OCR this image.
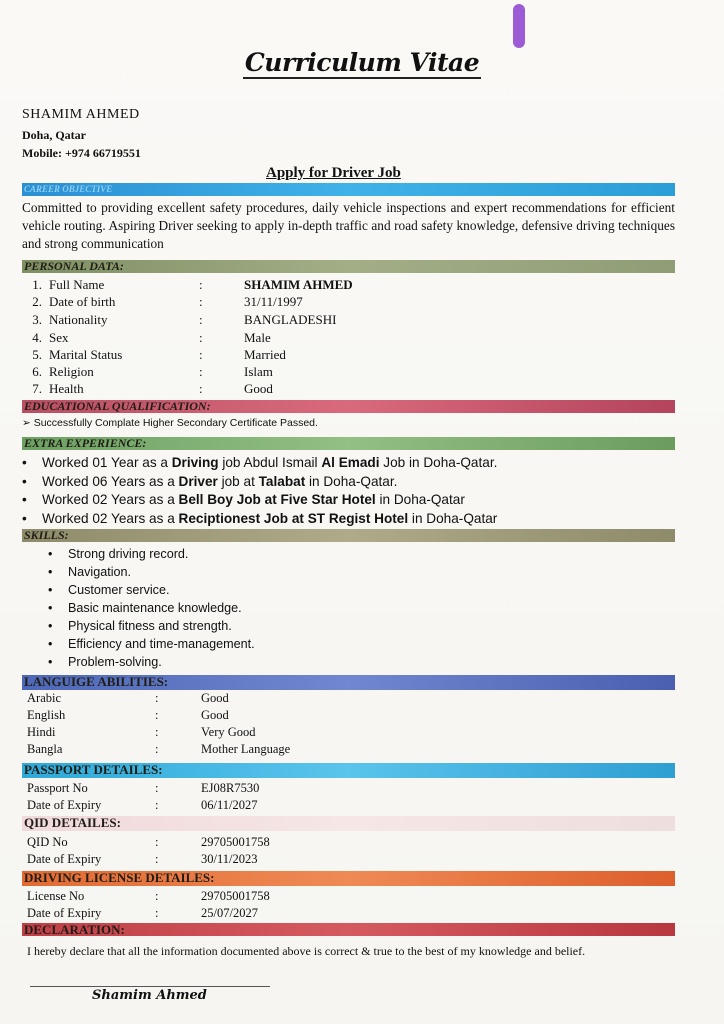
Curriculum Vitae
SHAMIM AHMED
Doha, Qatar
Mobile: +974 66719551
Apply for Driver Job
CAREER OBJECTIVE
Committed to providing excellent safety procedures, daily vehicle inspections and expert recommendations for efficient vehicle routing. Aspiring Driver seeking to apply in-depth traffic and road safety knowledge, defensive driving techniques and strong communication
PERSONAL DATA:
1. Full Name	:	SHAMIM AHMED
2. Date of birth	:	31/11/1997
3. Nationality	:	BANGLADESHI
4. Sex	:	Male
5. Marital Status	:	Married
6. Religion	:	Islam
7. Health	:	Good
EDUCATIONAL QUALIFICATION:
➢ Successfully Complate Higher Secondary Certificate Passed.
EXTRA EXPERIENCE:
• Worked 01 Year as a Driving job Abdul Ismail Al Emadi Job in Doha-Qatar.
• Worked 06 Years as a Driver job at Talabat in Doha-Qatar.
• Worked 02 Years as a Bell Boy Job at Five Star Hotel in Doha-Qatar
• Worked 02 Years as a Reciptionest Job at ST Regist Hotel in Doha-Qatar
SKILLS:
• Strong driving record.
• Navigation.
• Customer service.
• Basic maintenance knowledge.
• Physical fitness and strength.
• Efficiency and time-management.
• Problem-solving.
LANGUIGE ABILITIES:
Arabic	:	Good
English	:	Good
Hindi	:	Very Good
Bangla	:	Mother Language
PASSPORT DETAILES:
Passport No	:	EJ08R7530
Date of Expiry	:	06/11/2027
QID DETAILES:
QID No	:	29705001758
Date of Expiry	:	30/11/2023
DRIVING LICENSE DETAILES:
License No	:	29705001758
Date of Expiry	:	25/07/2027
DECLARATION:
I hereby declare that all the information documented above is correct & true to the best of my knowledge and belief.
Shamim Ahmed
